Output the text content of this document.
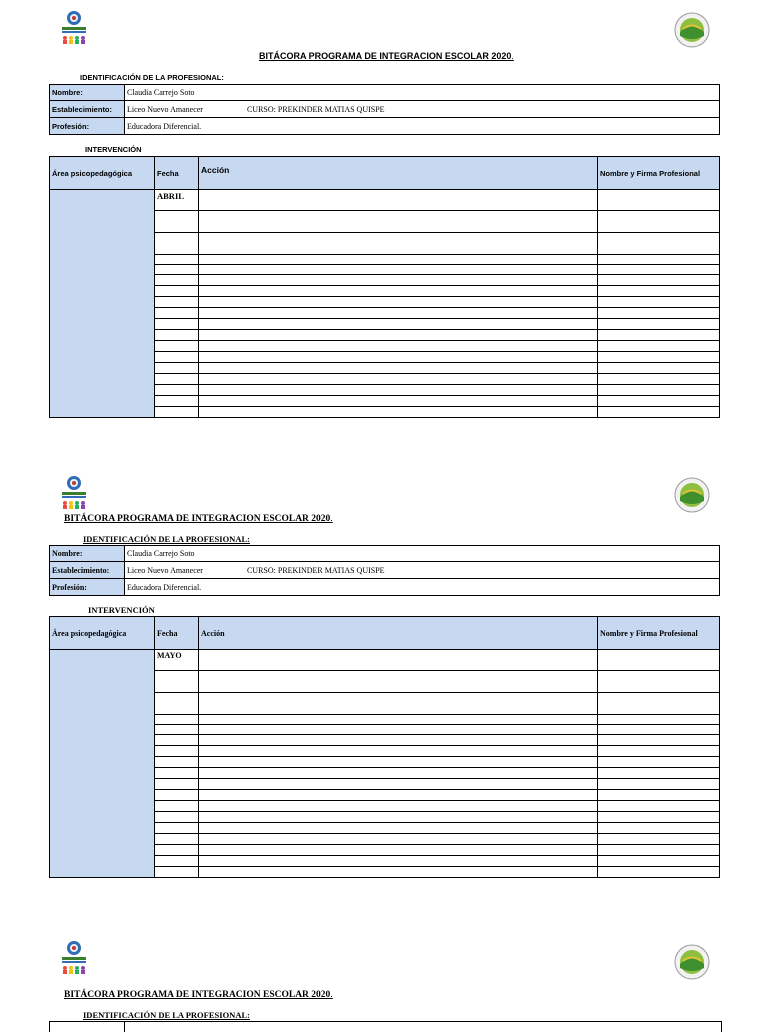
BITÁCORA PROGRAMA DE INTEGRACION ESCOLAR 2020.
IDENTIFICACIÓN DE LA PROFESIONAL:
Nombre:	Claudia Carrejo Soto
Establecimiento:	Liceo Nuevo Amanecer CURSO: PREKINDER MATIAS QUISPE
Profesión:	Educadora Diferencial.
INTERVENCIÓN
Área psicopedagógica	Fecha	Acción	Nombre y Firma Profesional
	ABRIL		

BITÁCORA PROGRAMA DE INTEGRACION ESCOLAR 2020.
IDENTIFICACIÓN DE LA PROFESIONAL:
Nombre:	Claudia Carrejo Soto
Establecimiento:	Liceo Nuevo Amanecer CURSO: PREKINDER MATIAS QUISPE
Profesión:	Educadora Diferencial.
INTERVENCIÓN
Área psicopedagógica	Fecha	Acción	Nombre y Firma Profesional
	MAYO		

BITÁCORA PROGRAMA DE INTEGRACION ESCOLAR 2020.
IDENTIFICACIÓN DE LA PROFESIONAL:
